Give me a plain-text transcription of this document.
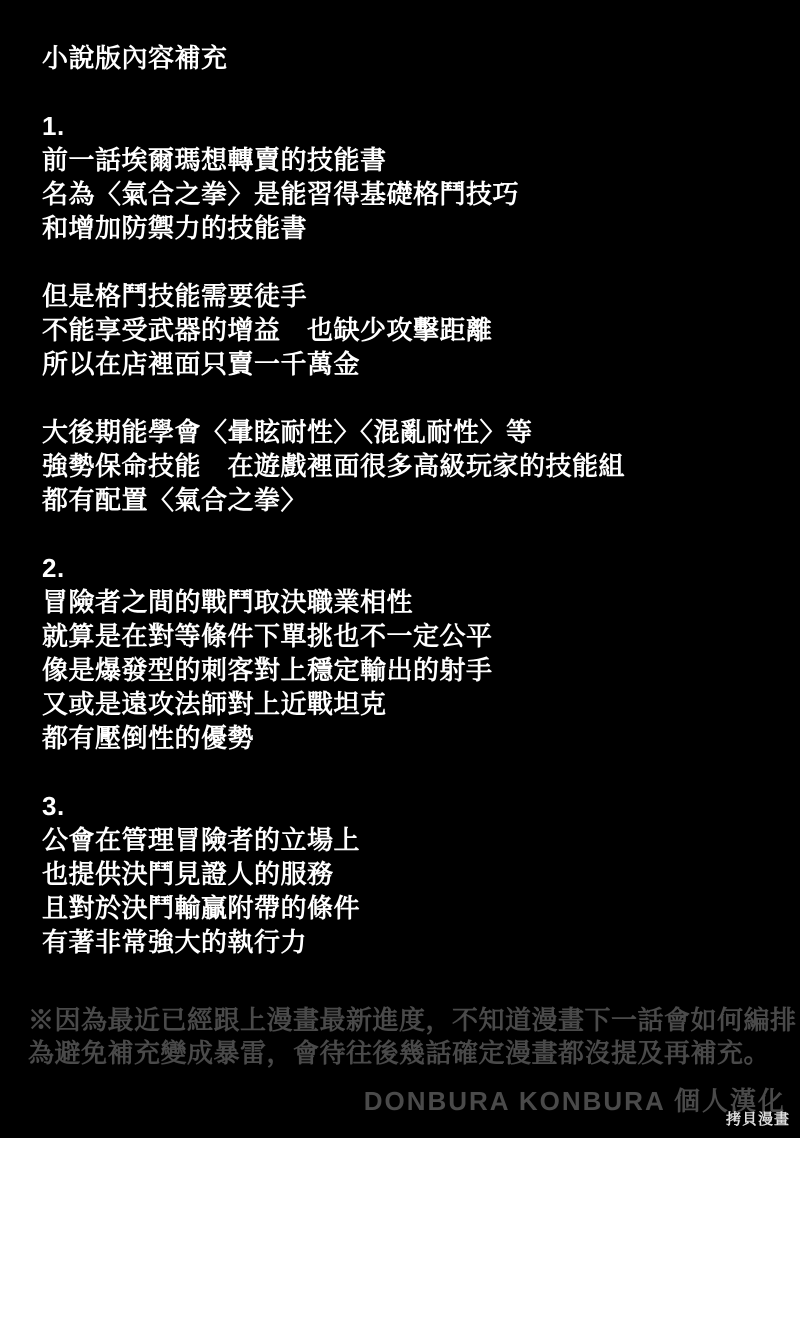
小說版內容補充
1.
前一話埃爾瑪想轉賣的技能書
名為〈氣合之拳〉是能習得基礎格鬥技巧
和增加防禦力的技能書
但是格鬥技能需要徒手
不能享受武器的增益　也缺少攻擊距離
所以在店裡面只賣一千萬金
大後期能學會〈暈眩耐性〉〈混亂耐性〉等
強勢保命技能　在遊戲裡面很多高級玩家的技能組
都有配置〈氣合之拳〉
2.
冒險者之間的戰鬥取決職業相性
就算是在對等條件下單挑也不一定公平
像是爆發型的刺客對上穩定輸出的射手
又或是遠攻法師對上近戰坦克
都有壓倒性的優勢
3.
公會在管理冒險者的立場上
也提供決鬥見證人的服務
且對於決鬥輸贏附帶的條件
有著非常強大的執行力
※因為最近已經跟上漫畫最新進度，不知道漫畫下一話會如何編排
為避免補充變成暴雷，會待往後幾話確定漫畫都沒提及再補充。
DONBURA KONBURA 個人漢化
拷貝漫畫
